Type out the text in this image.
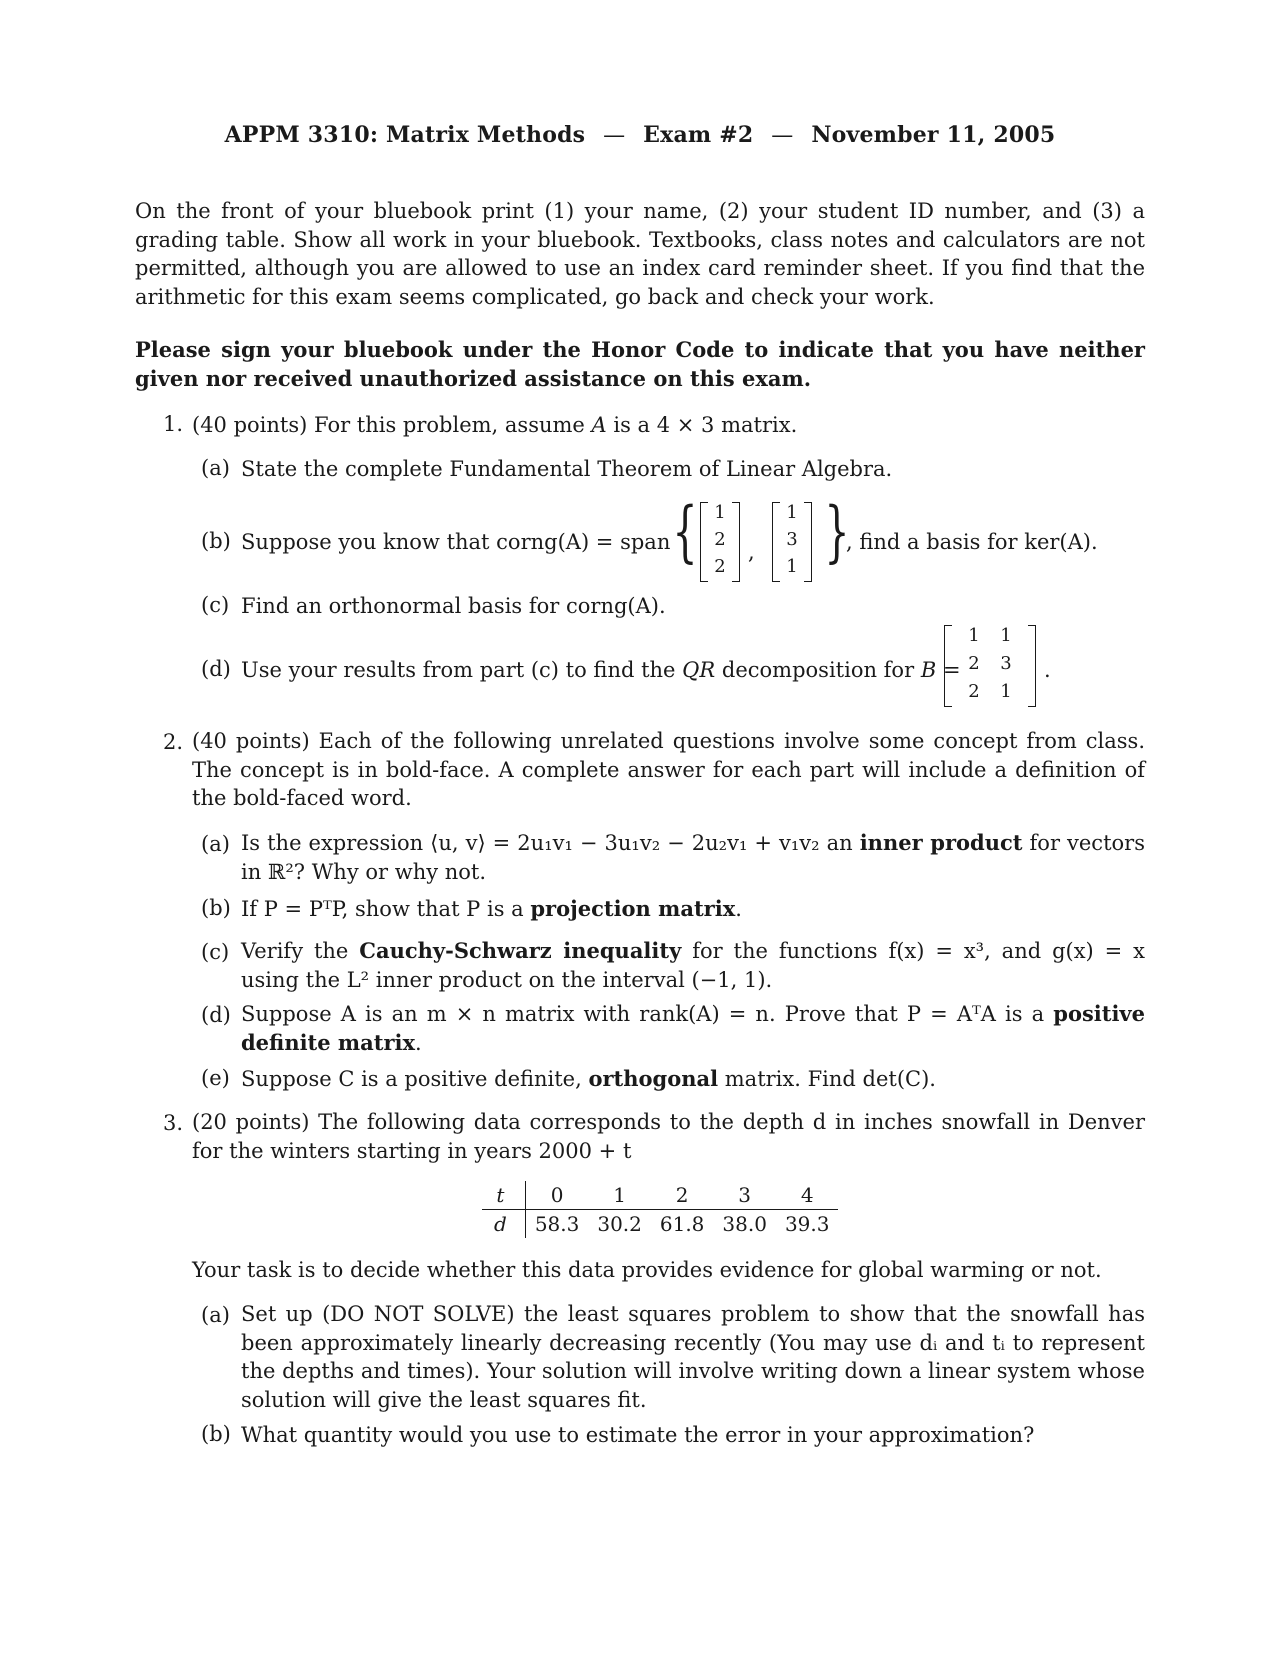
APPM 3310: Matrix Methods — Exam #2 — November 11, 2005
On the front of your bluebook print (1) your name, (2) your student ID number, and (3) a grading table. Show all work in your bluebook. Textbooks, class notes and calculators are not permitted, although you are allowed to use an index card reminder sheet. If you find that the arithmetic for this exam seems complicated, go back and check your work.
Please sign your bluebook under the Honor Code to indicate that you have neither given nor received unauthorized assistance on this exam.
1. (40 points) For this problem, assume A is a 4 × 3 matrix.
(a) State the complete Fundamental Theorem of Linear Algebra.
(b) Suppose you know that corng(A) = span { 1
2
2
,
1
3
1 }
, find a basis for ker(A).
(c) Find an orthonormal basis for corng(A).
(d) Use your results from part (c) to find the QR decomposition for B =
1	1
2	3
2	1
.
2. (40 points) Each of the following unrelated questions involve some concept from class. The concept is in bold-face. A complete answer for each part will include a definition of the bold-faced word.
(a) Is the expression ⟨u, v⟩ = 2u₁v₁ − 3u₁v₂ − 2u₂v₁ + v₁v₂ an inner product for vectors in ℝ²? Why or why not.
(b) If P = PᵀP, show that P is a projection matrix.
(c) Verify the Cauchy-Schwarz inequality for the functions f(x) = x³, and g(x) = x using the L² inner product on the interval (−1, 1).
(d) Suppose A is an m × n matrix with rank(A) = n. Prove that P = AᵀA is a positive definite matrix.
(e) Suppose C is a positive definite, orthogonal matrix. Find det(C).
3. (20 points) The following data corresponds to the depth d in inches snowfall in Denver for the winters starting in years 2000 + t
t	0	1	2	3	4
d	58.3	30.2	61.8	38.0	39.3
Your task is to decide whether this data provides evidence for global warming or not.
(a) Set up (DO NOT SOLVE) the least squares problem to show that the snowfall has been approximately linearly decreasing recently (You may use dᵢ and tᵢ to represent the depths and times). Your solution will involve writing down a linear system whose solution will give the least squares fit.
(b) What quantity would you use to estimate the error in your approximation?
